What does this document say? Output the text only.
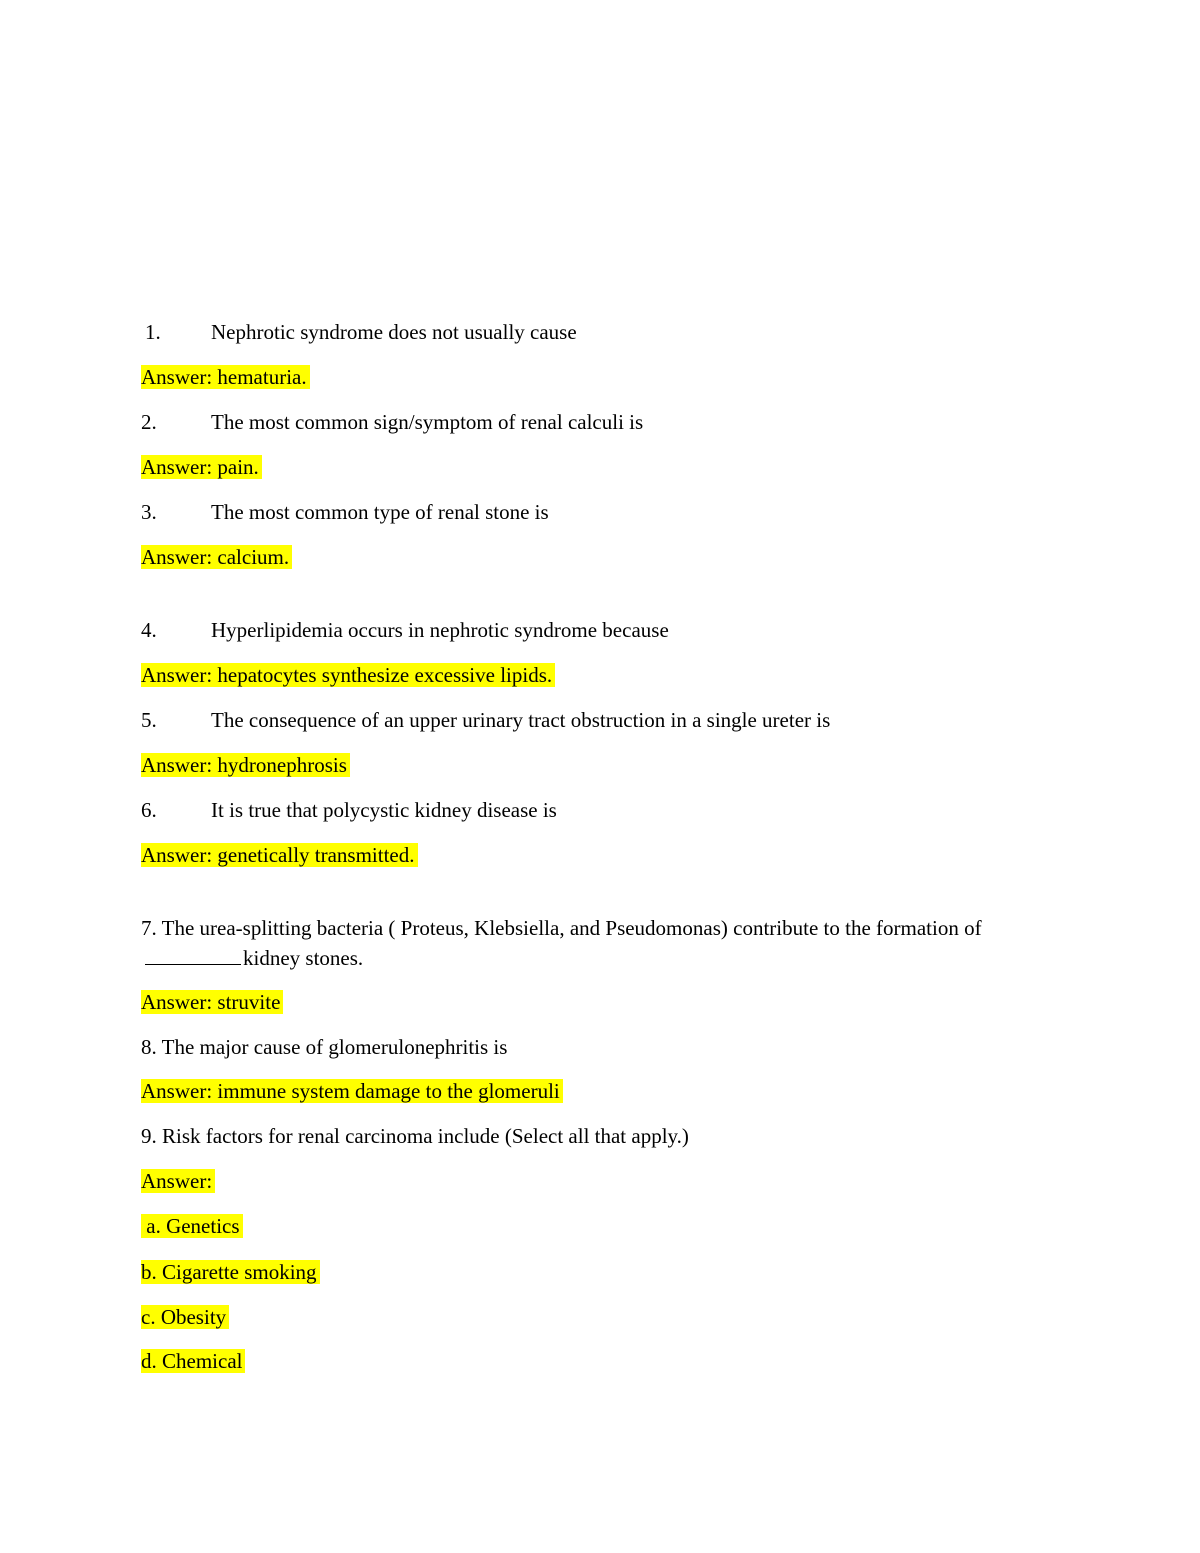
1. Nephrotic syndrome does not usually cause
Answer: hematuria.
2.	The most common sign/symptom of renal calculi is
Answer: pain.
3.	The most common type of renal stone is
Answer: calcium.
4.	Hyperlipidemia occurs in nephrotic syndrome because
Answer: hepatocytes synthesize excessive lipids.
5.	The consequence of an upper urinary tract obstruction in a single ureter is
Answer: hydronephrosis
6.	It is true that polycystic kidney disease is
Answer: genetically transmitted.
7. The urea-splitting bacteria ( Proteus, Klebsiella, and Pseudomonas) contribute to the formation ofkidney stones.
Answer: struvite
8. The major cause of glomerulonephritis is
Answer: immune system damage to the glomeruli
9. Risk factors for renal carcinoma include (Select all that apply.)
Answer:
a. Genetics
b. Cigarette smoking
c. Obesity
d. Chemical
